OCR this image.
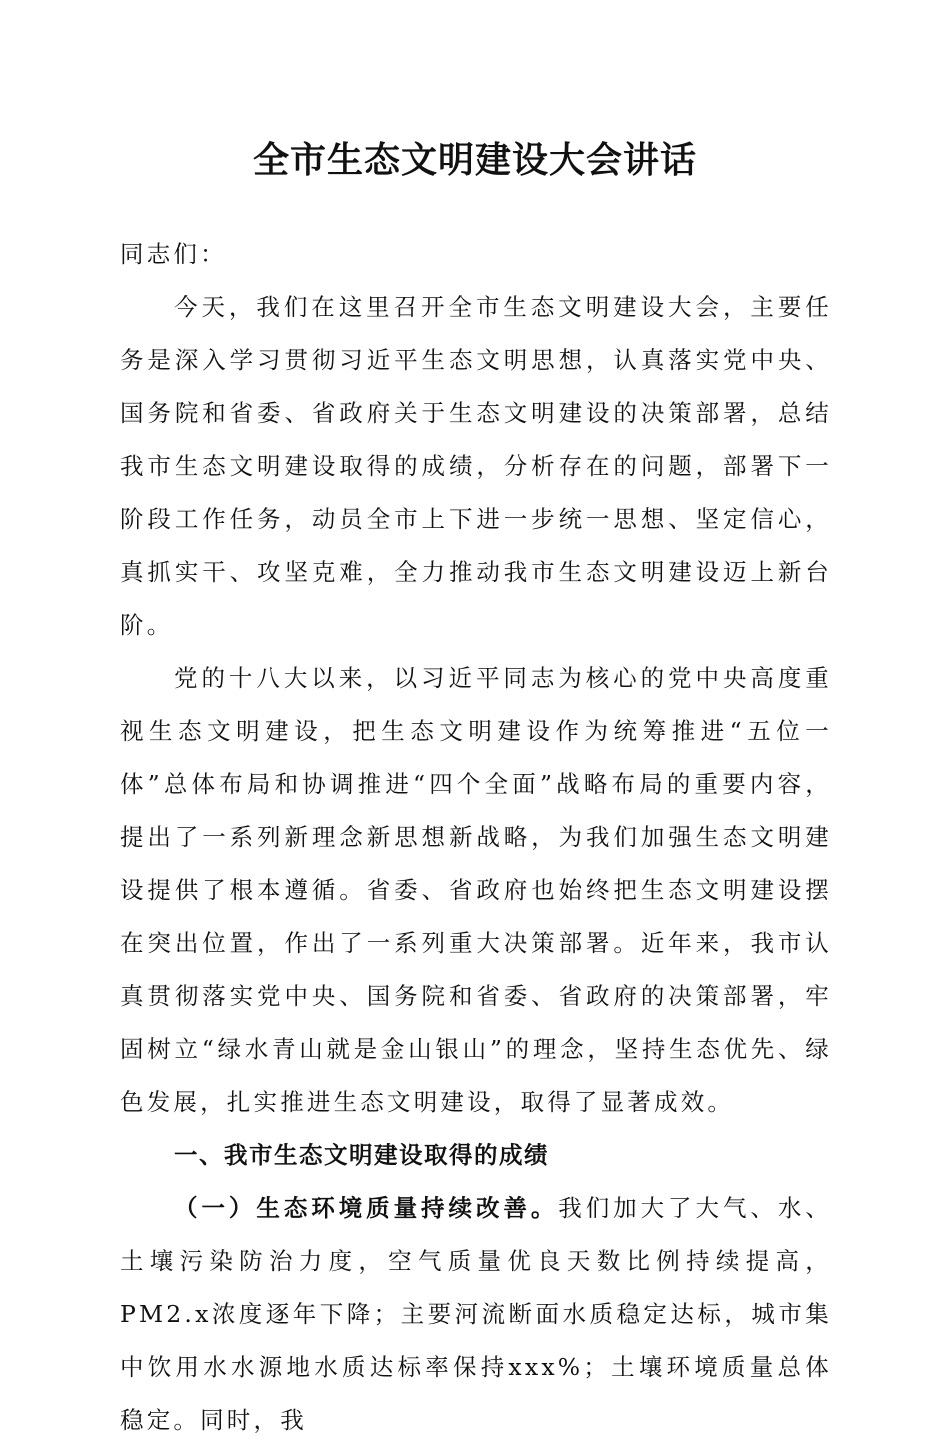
全市生态文明建设大会讲话

同志们：

今天，我们在这里召开全市生态文明建设大会，主要任务是深入学习贯彻习近平生态文明思想，认真落实党中央、国务院和省委、省政府关于生态文明建设的决策部署，总结我市生态文明建设取得的成绩，分析存在的问题，部署下一阶段工作任务，动员全市上下进一步统一思想、坚定信心，真抓实干、攻坚克难，全力推动我市生态文明建设迈上新台阶。

党的十八大以来，以习近平同志为核心的党中央高度重视生态文明建设，把生态文明建设作为统筹推进“五位一体”总体布局和协调推进“四个全面”战略布局的重要内容，提出了一系列新理念新思想新战略，为我们加强生态文明建设提供了根本遵循。省委、省政府也始终把生态文明建设摆在突出位置，作出了一系列重大决策部署。近年来，我市认真贯彻落实党中央、国务院和省委、省政府的决策部署，牢固树立“绿水青山就是金山银山”的理念，坚持生态优先、绿色发展，扎实推进生态文明建设，取得了显著成效。

一、我市生态文明建设取得的成绩

（一）生态环境质量持续改善。我们加大了大气、水、土壤污染防治力度，空气质量优良天数比例持续提高，PM2.x浓度逐年下降；主要河流断面水质稳定达标，城市集中饮用水水源地水质达标率保持xxx%；土壤环境质量总体稳定。同时，我
